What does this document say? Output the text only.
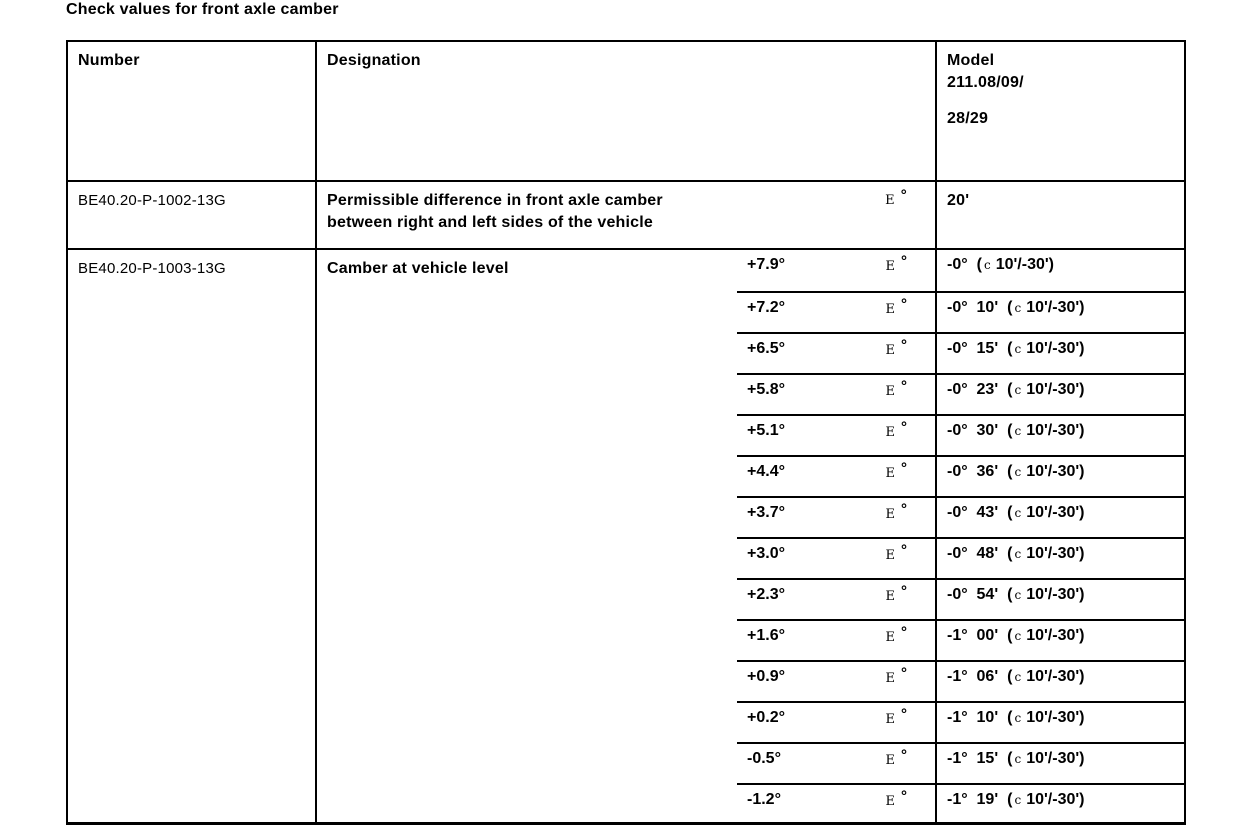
Check values for front axle camber
Number	Designation	Model
211.08/09/
28/29
BE40.20-P-1002-13G	Permissible difference in front axle camber
between right and left sides of the vehicle
E °	20'
BE40.20-P-1003-13G	Camber at vehicle level	+7.9°	E °	-0° ( c 10'/-30')
+7.2°	E °	-0°  10' ( c 10'/-30')
+6.5°	E °	-0°  15' ( c 10'/-30')
+5.8°	E °	-0°  23' ( c 10'/-30')
+5.1°	E °	-0°  30' ( c 10'/-30')
+4.4°	E °	-0°  36' ( c 10'/-30')
+3.7°	E °	-0°  43' ( c 10'/-30')
+3.0°	E °	-0°  48' ( c 10'/-30')
+2.3°	E °	-0°  54' ( c 10'/-30')
+1.6°	E °	-1°  00' ( c 10'/-30')
+0.9°	E °	-1°  06' ( c 10'/-30')
+0.2°	E °	-1°  10' ( c 10'/-30')
-0.5°	E °	-1°  15' ( c 10'/-30')
-1.2°	E °	-1°  19' ( c 10'/-30')
